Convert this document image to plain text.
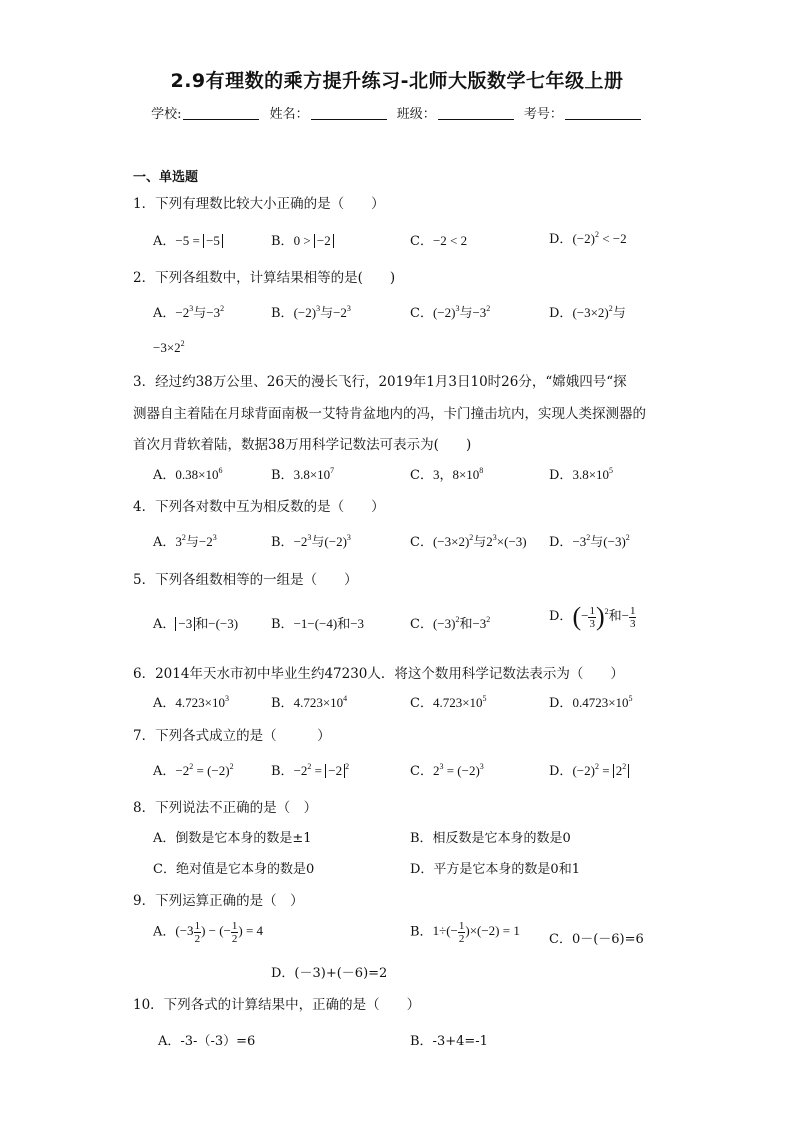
2.9有理数的乘方提升练习-北师大版数学七年级上册
学校:	姓名：	班级：	考号：
一、单选题
1．下列有理数比较大小正确的是（　　）
A．−5 = −5	B．0 > −2	C．−2 < 2	D．$(-2)^2 < -2$
2．下列各组数中，计算结果相等的是(　　)
A．$-2^3$与$-3^2$	B．$(-2)^3$与$-2^3$	C．$(-2)^3$与$-3^2$	D．$(-3\times 2)^2$与
$-3\times 2^2$
3．经过约38万公里、26天的漫长飞行，2019年1月3日10时26分，“嫦娥四号“探
测器自主着陆在月球背面南极一艾特肯盆地内的冯，卡门撞击坑内，实现人类探测器的
首次月背软着陆，数据38万用科学记数法可表示为(　　)
A．$0.38\times 10^6$	B．$3.8\times 10^7$	C．3，$8\times 10^8$	D．$3.8\times 10^5$
4．下列各对数中互为相反数的是（　　）
A．$3^2$与$-2^3$	B．$-2^3$与$(-2)^3$	C．$(-3\times 2)^2$与$2^3\times(-3)$ D．$-3^2$与$(-3)^2$
5．下列各组数相等的一组是（　　）
A． −3 和−(−3)	B．−1−(−4)和−3	C．$(-3)^2$和$-3^2$	D．(− $\frac{1}{3} )^2$和− $\frac{1}{3}$
6．2014年天水市初中毕业生约47230人．将这个数用科学记数法表示为（　　）
A．$4.723\times 10^3$	B．$4.723\times 10^4$	C．$4.723\times 10^5$	D．$0.4723\times 10^5$
7．下列各式成立的是（　　　）
A．$-2^2 = (-2)^2$	B．$-2^2 = -2$ $^2$	C．$2^3 = (-2)^3$	D．$(-2)^2 = 2^2$
8．下列说法不正确的是（　）
A．倒数是它本身的数是±1	B．相反数是它本身的数是0
C．绝对值是它本身的数是0	D．平方是它本身的数是0和1
9．下列运算正确的是（　）
A．($-3 \frac{1}{2}$ ) − (− $\frac{1}{2}$ ) = 4	B．$1\div(- \frac{1}{2} )\times(-2) = 1$
C．0－(－6)=6
D．(－3)+(－6)=2
10．下列各式的计算结果中，正确的是（　　）
A．-3-（-3）=6	B．-3+4=-1
